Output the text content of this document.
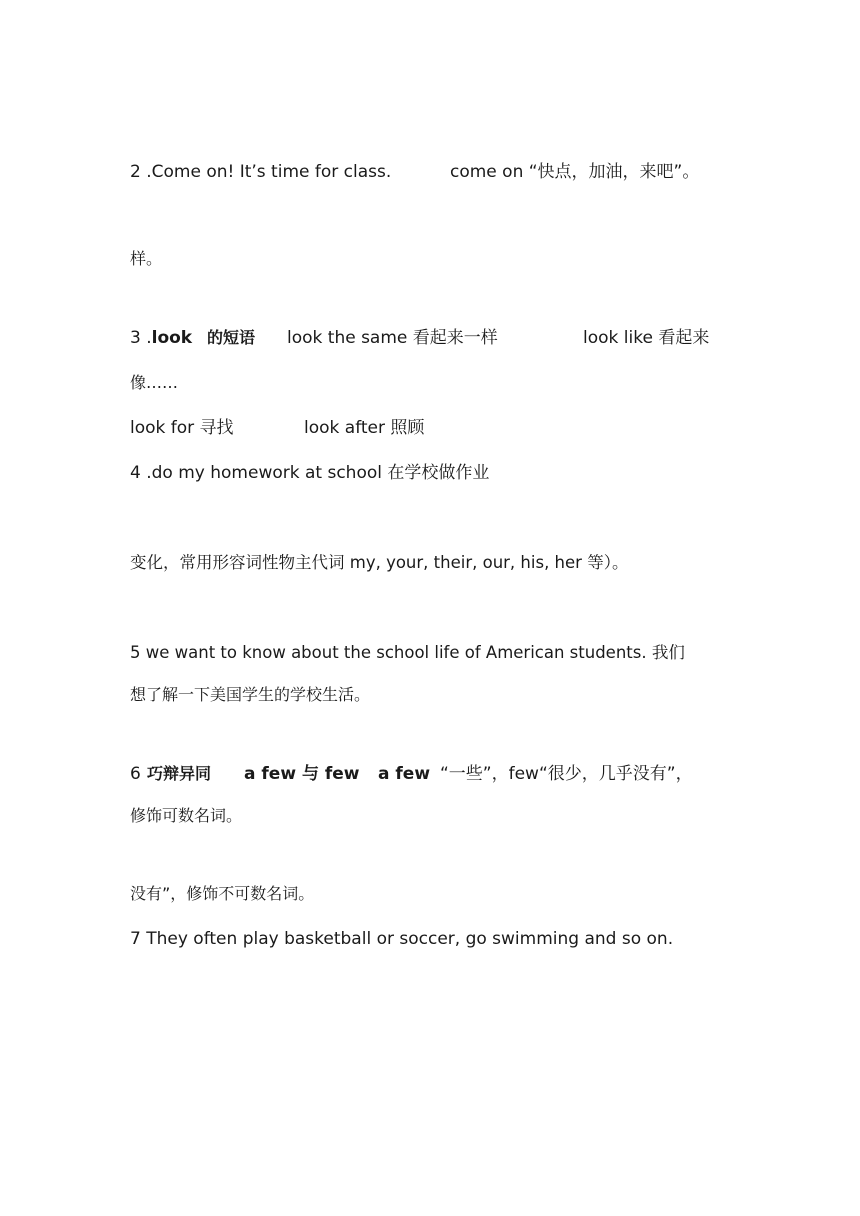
2 .Come on! It’s time for class.	come on “快点，加油，来吧”。
样。
3 .look 的短语 look the same 看起来一样	look like 看起来
像……
look for 寻找	look after 照顾
4 .do my homework at school 在学校做作业
变化，常用形容词性物主代词 my, your, their, our, his, her 等）。
5 we want to know about the school life of American students. 我们
想了解一下美国学生的学校生活。
6 巧辩异同 a few 与 few a few “一些”，few“很少，几乎没有”，
修饰可数名词。
没有”，修饰不可数名词。
7 They often play basketball or soccer, go swimming and so on.
